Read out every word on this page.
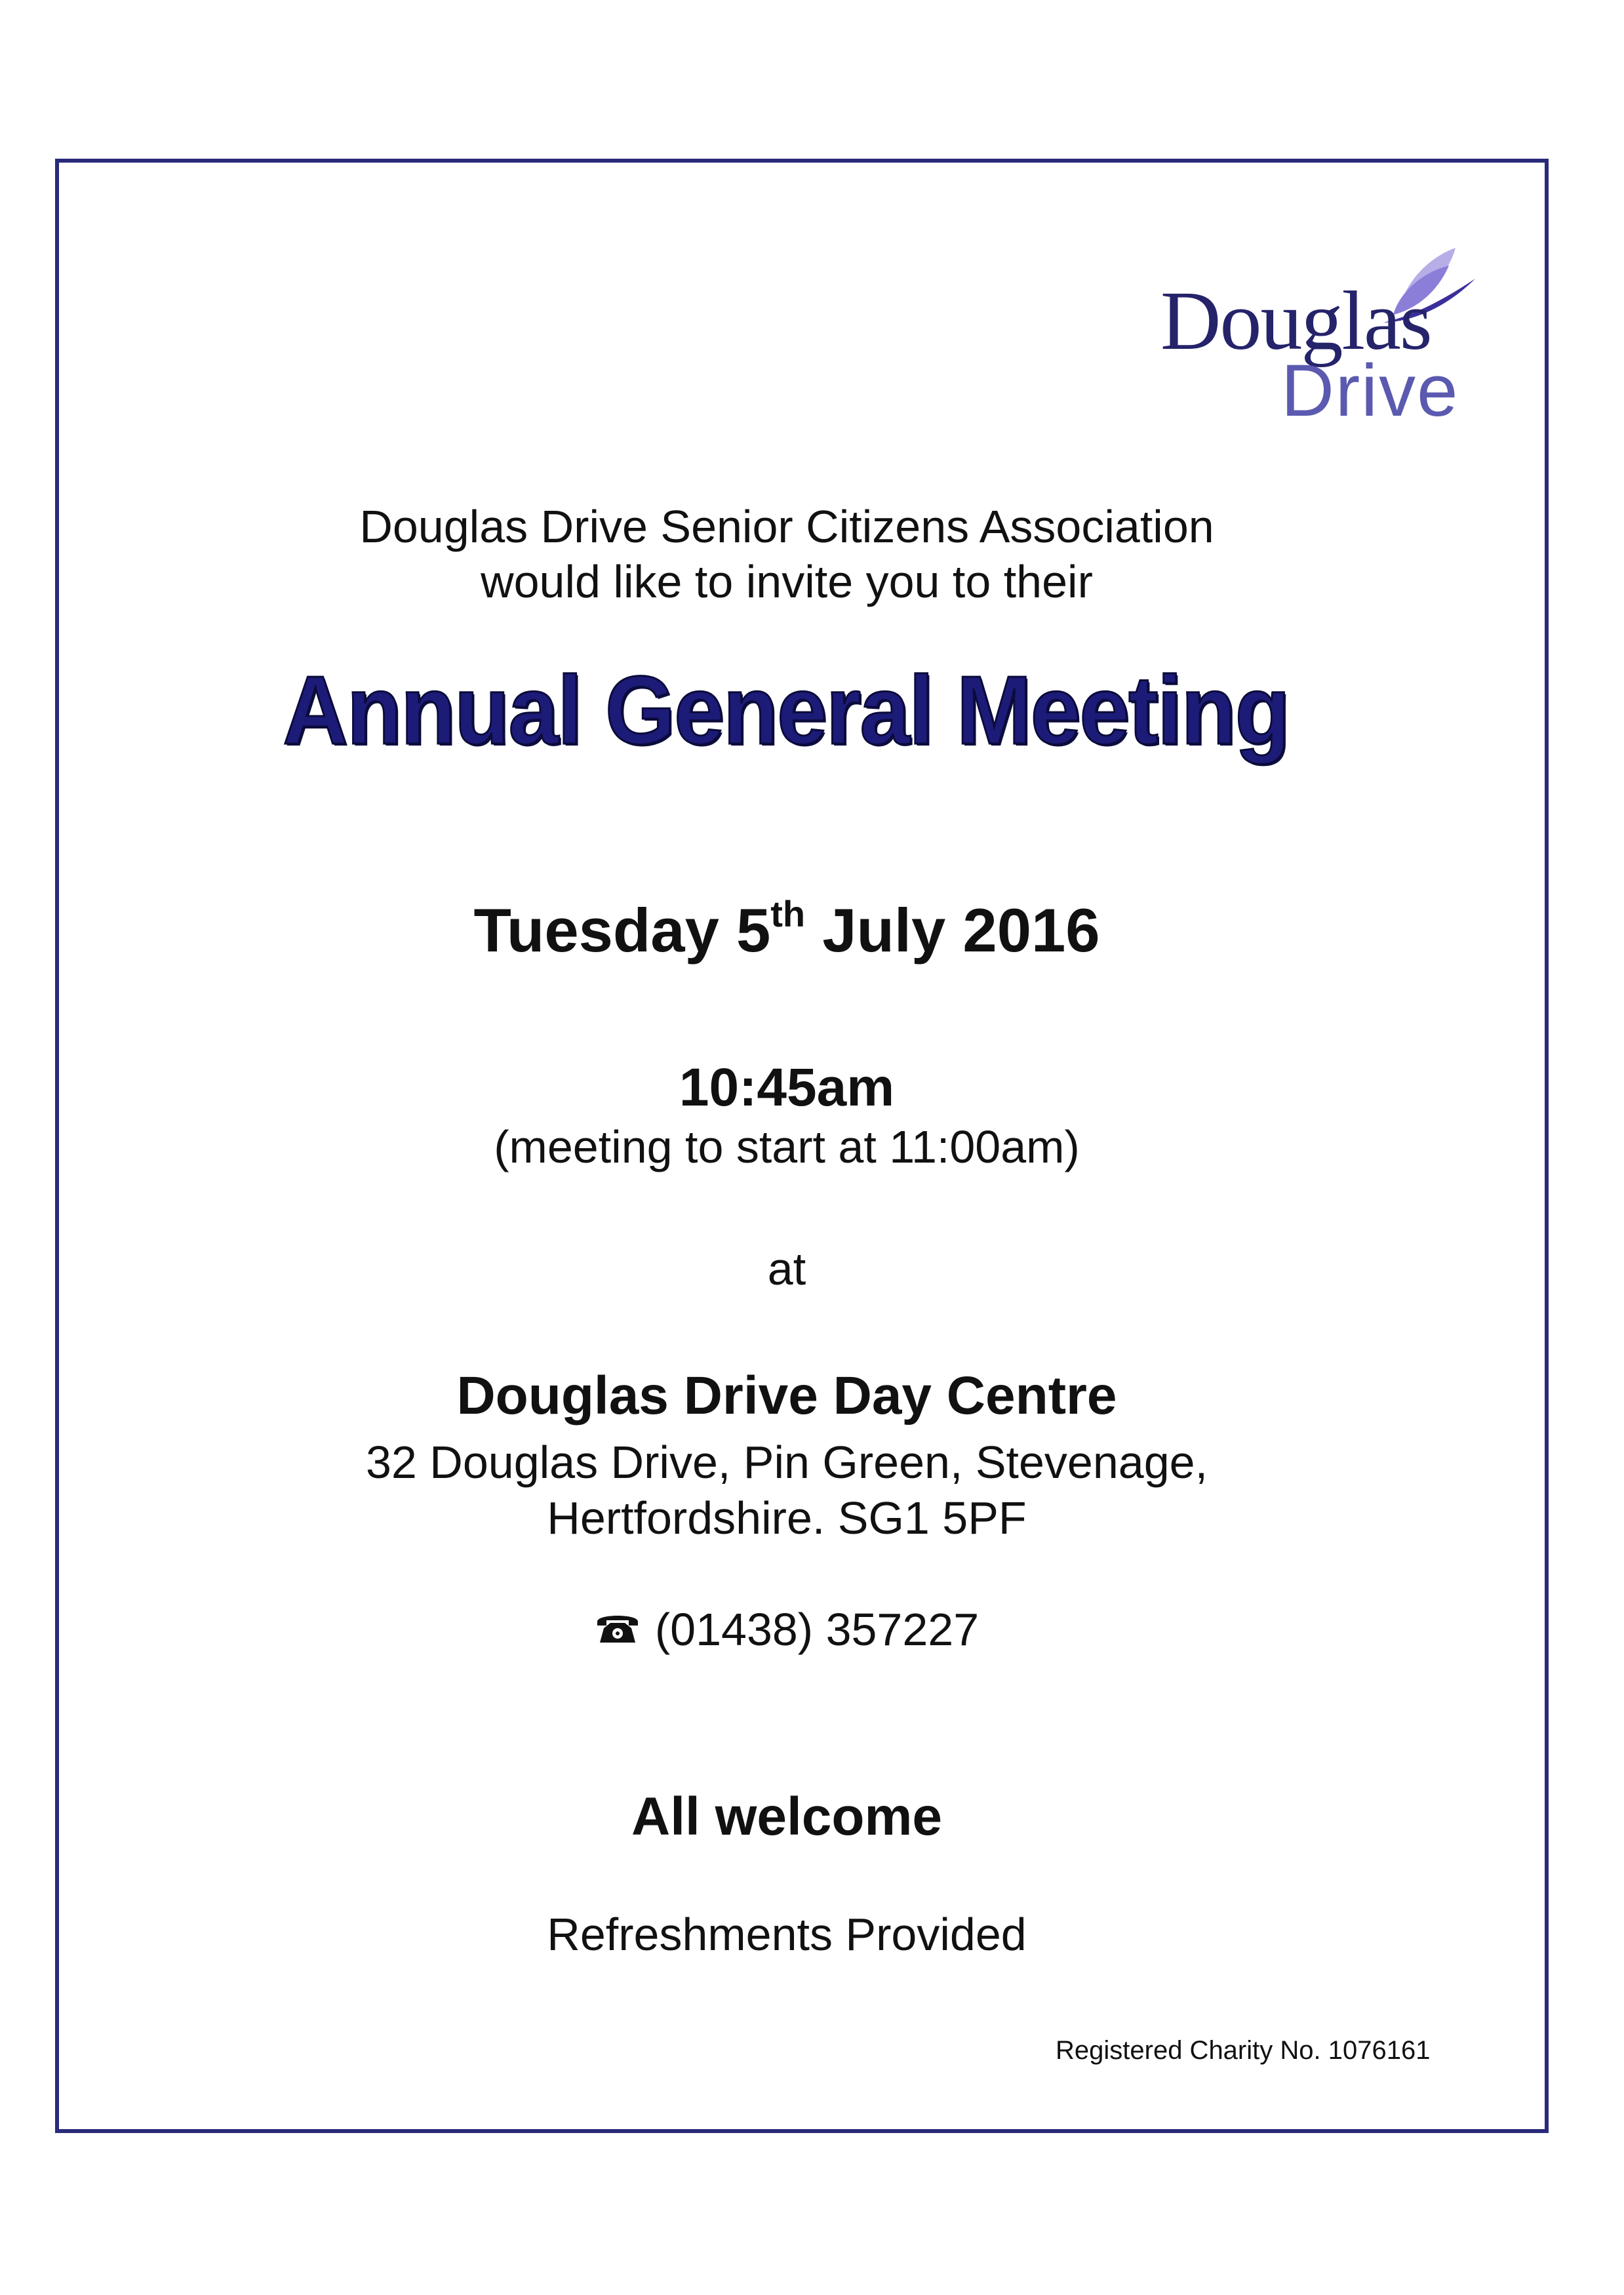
Douglas
Drive
Douglas Drive Senior Citizens Association
would like to invite you to their
Annual General Meeting
Tuesday 5th July 2016
10:45am
(meeting to start at 11:00am)
at
Douglas Drive Day Centre
32 Douglas Drive, Pin Green, Stevenage,
Hertfordshire. SG1 5PF
(01438) 357227
All welcome
Refreshments Provided
Registered Charity No. 1076161
